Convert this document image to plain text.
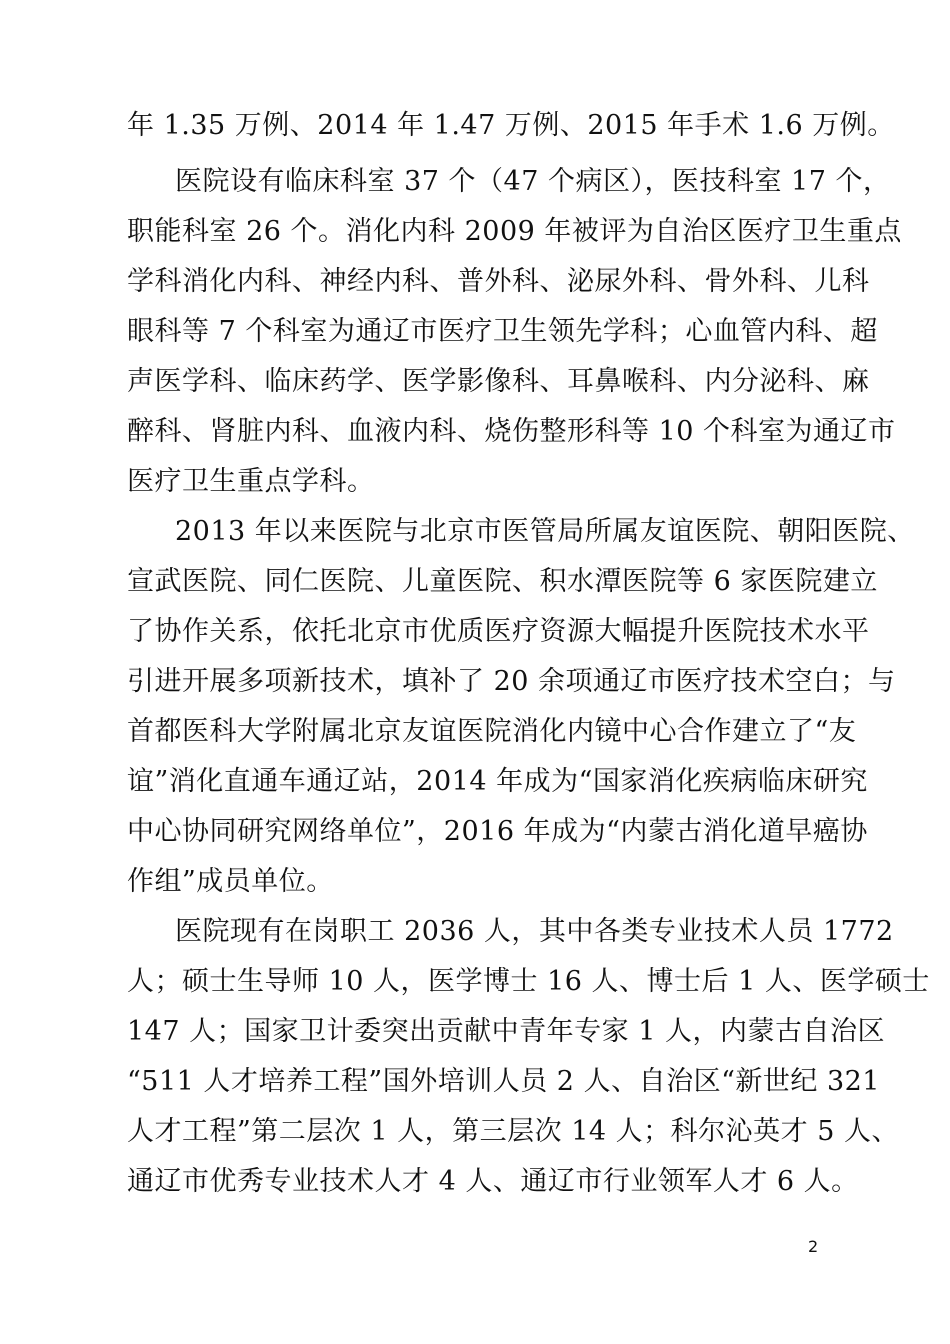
年 1.35 万例、2014 年 1.47 万例、2015 年手术 1.6 万例。
医院设有临床科室 37 个（47 个病区），医技科室 17 个，
职能科室 26 个。消化内科 2009 年被评为自治区医疗卫生重点
学科消化内科、神经内科、普外科、泌尿外科、骨外科、儿科
眼科等 7 个科室为通辽市医疗卫生领先学科；心血管内科、超
声医学科、临床药学、医学影像科、耳鼻喉科、内分泌科、麻
醉科、肾脏内科、血液内科、烧伤整形科等 10 个科室为通辽市
医疗卫生重点学科。
2013 年以来医院与北京市医管局所属友谊医院、朝阳医院、
宣武医院、同仁医院、儿童医院、积水潭医院等 6 家医院建立
了协作关系，依托北京市优质医疗资源大幅提升医院技术水平
引进开展多项新技术，填补了 20 余项通辽市医疗技术空白；与
首都医科大学附属北京友谊医院消化内镜中心合作建立了“友
谊”消化直通车通辽站，2014 年成为“国家消化疾病临床研究
中心协同研究网络单位”，2016 年成为“内蒙古消化道早癌协
作组”成员单位。
医院现有在岗职工 2036 人，其中各类专业技术人员 1772
人；硕士生导师 10 人，医学博士 16 人、博士后 1 人、医学硕士
147 人；国家卫计委突出贡献中青年专家 1 人，内蒙古自治区
“511 人才培养工程”国外培训人员 2 人、自治区“新世纪 321
人才工程”第二层次 1 人，第三层次 14 人；科尔沁英才 5 人、
通辽市优秀专业技术人才 4 人、通辽市行业领军人才 6 人。
2
